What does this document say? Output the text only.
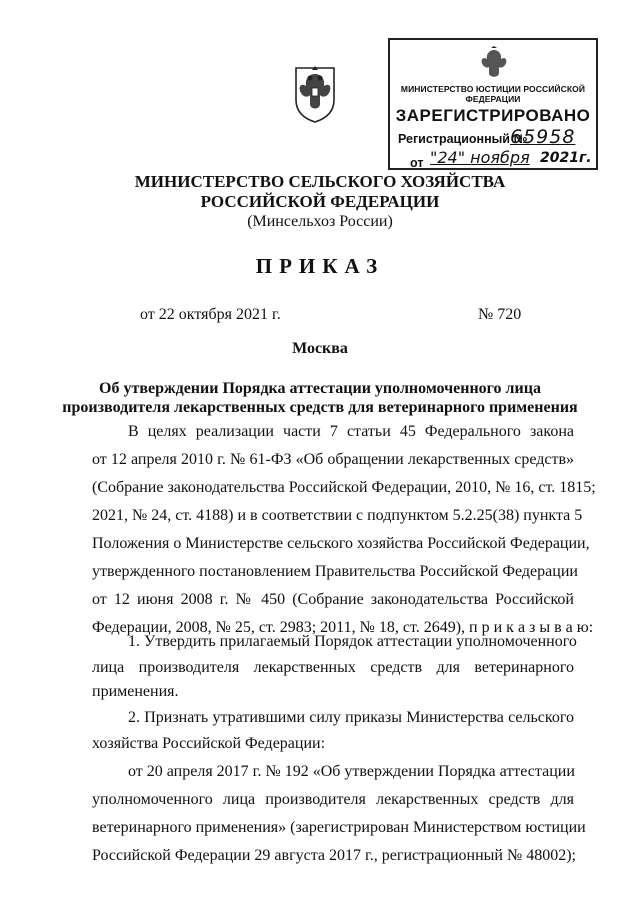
МИНИСТЕРСТВО ЮСТИЦИИ РОССИЙСКОЙ ФЕДЕРАЦИИ
ЗАРЕГИСТРИРОВАНО
Регистрационный №
65958
от "24" ноября 2021г.
МИНИСТЕРСТВО СЕЛЬСКОГО ХОЗЯЙСТВА
РОССИЙСКОЙ ФЕДЕРАЦИИ
(Минсельхоз России)
ПРИКАЗ
от 22 октября 2021 г.	№ 720
Москва
Об утверждении Порядка аттестации уполномоченного лица
производителя лекарственных средств для ветеринарного применения
В целях реализации части 7 статьи 45 Федерального закона
от 12 апреля 2010 г. № 61-ФЗ «Об обращении лекарственных средств»
(Собрание законодательства Российской Федерации, 2010, № 16, ст. 1815;
2021, № 24, ст. 4188) и в соответствии с подпунктом 5.2.25(38) пункта 5
Положения о Министерстве сельского хозяйства Российской Федерации,
утвержденного постановлением Правительства Российской Федерации
от 12 июня 2008 г. № 450 (Собрание законодательства Российской
Федерации, 2008, № 25, ст. 2983; 2011, № 18, ст. 2649), п р и к а з ы в а ю:
1. Утвердить прилагаемый Порядок аттестации уполномоченного
лица производителя лекарственных средств для ветеринарного
применения.
2. Признать утратившими силу приказы Министерства сельского
хозяйства Российской Федерации:
от 20 апреля 2017 г. № 192 «Об утверждении Порядка аттестации
уполномоченного лица производителя лекарственных средств для
ветеринарного применения» (зарегистрирован Министерством юстиции
Российской Федерации 29 августа 2017 г., регистрационный № 48002);
